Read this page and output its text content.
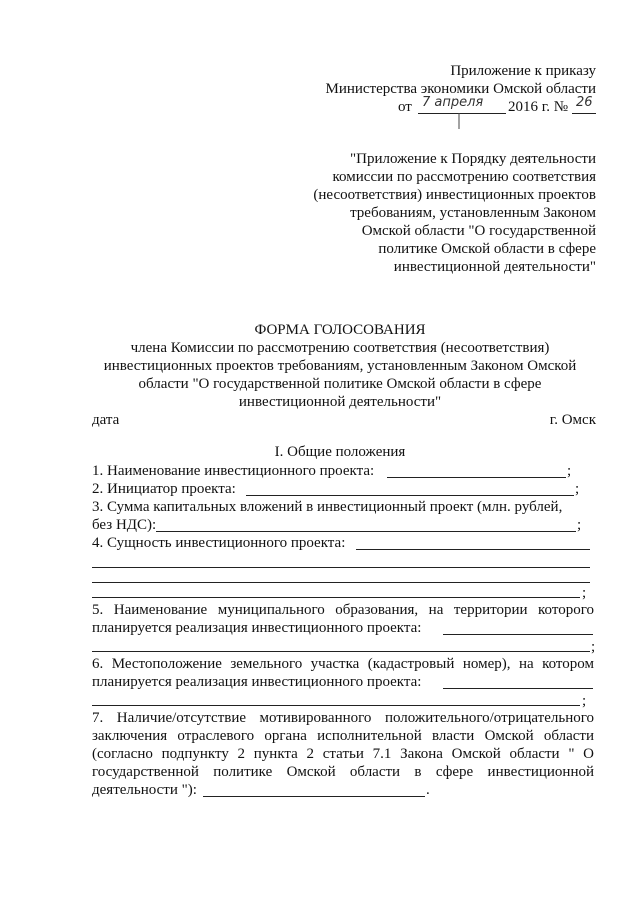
Приложение к приказу
Министерства экономики Омской области
от 7 апреля 2016 г. № 26
"Приложение к Порядку деятельности
комиссии по рассмотрению соответствия
(несоответствия) инвестиционных проектов
требованиям, установленным Законом
Омской области "О государственной
политике Омской области в сфере
инвестиционной деятельности"
ФОРМА ГОЛОСОВАНИЯ
члена Комиссии по рассмотрению соответствия (несоответствия)
инвестиционных проектов требованиям, установленным Законом Омской
области "О государственной политике Омской области в сфере
инвестиционной деятельности"
дата	г. Омск
I. Общие положения
1. Наименование инвестиционного проекта:	;
2. Инициатор проекта:	;
3. Сумма капитальных вложений в инвестиционный проект (млн. рублей,
без НДС):	;
4. Сущность инвестиционного проекта:
;
5. Наименование муниципального образования, на территории которого
планируется реализация инвестиционного проекта:
;
6. Местоположение земельного участка (кадастровый номер), на котором
планируется реализация инвестиционного проекта:
;
7. Наличие/отсутствие мотивированного положительного/отрицательного
заключения отраслевого органа исполнительной власти Омской области
(согласно подпункту 2 пункта 2 статьи 7.1 Закона Омской области " О
государственной политике Омской области в сфере инвестиционной
деятельности "):	.
